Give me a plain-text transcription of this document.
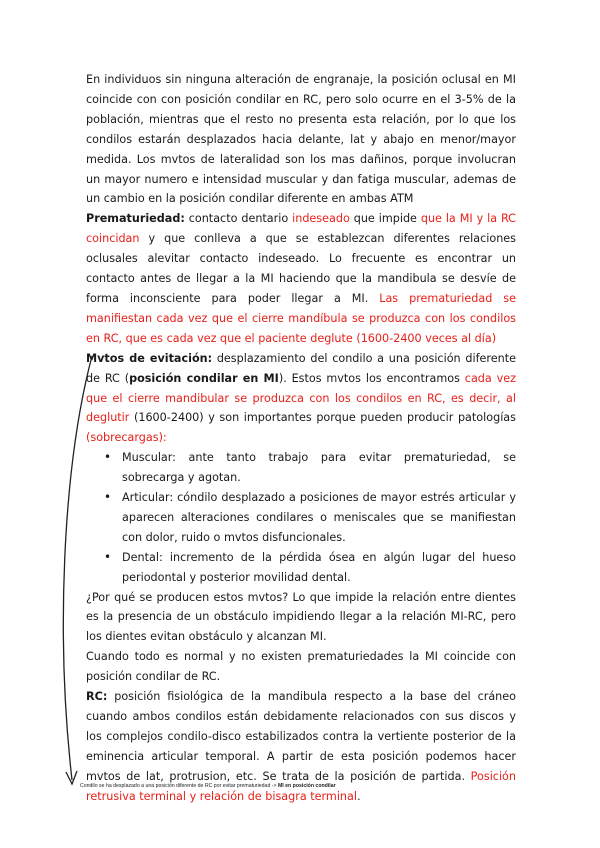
En individuos sin ninguna alteración de engranaje, la posición oclusal en MI coincide con con posición condilar en RC, pero solo ocurre en el 3-5% de la población, mientras que el resto no presenta esta relación, por lo que los condilos estarán desplazados hacia delante, lat y abajo en menor/mayor medida. Los mvtos de lateralidad son los mas dañinos, porque involucran un mayor numero e intensidad muscular y dan fatiga muscular, ademas de un cambio en la posición condilar diferente en ambas ATM

Prematuriedad: contacto dentario indeseado que impide que la MI y la RC coincidan y que conlleva a que se establezcan diferentes relaciones oclusales alevitar contacto indeseado. Lo frecuente es encontrar un contacto antes de llegar a la MI haciendo que la mandibula se desvíe de forma inconsciente para poder llegar a MI. Las prematuriedad se manifiestan cada vez que el cierre mandíbula se produzca con los condilos en RC, que es cada vez que el paciente deglute (1600-2400 veces al día)

Mvtos de evitación: desplazamiento del condilo a una posición diferente de RC (posición condilar en MI). Estos mvtos los encontramos cada vez que el cierre mandibular se produzca con los condilos en RC, es decir, al deglutir (1600-2400) y son importantes porque pueden producir patologías (sobrecargas):

• Muscular: ante tanto trabajo para evitar prematuriedad, se sobrecarga y agotan.
• Articular: cóndilo desplazado a posiciones de mayor estrés articular y aparecen alteraciones condilares o meniscales que se manifiestan con dolor, ruido o mvtos disfuncionales.
• Dental: incremento de la pérdida ósea en algún lugar del hueso periodontal y posterior movilidad dental.

¿Por qué se producen estos mvtos? Lo que impide la relación entre dientes es la presencia de un obstáculo impidiendo llegar a la relación MI-RC, pero los dientes evitan obstáculo y alcanzan MI.

Cuando todo es normal y no existen prematuriedades la MI coincide con posición condilar de RC.

RC: posición fisiológica de la mandibula respecto a la base del cráneo cuando ambos condilos están debidamente relacionados con sus discos y los complejos condilo-disco estabilizados contra la vertiente posterior de la eminencia articular temporal. A partir de esta posición podemos hacer mvtos de lat, protrusion, etc. Se trata de la posición de partida. Posición retrusiva terminal y relación de bisagra terminal.

Condilo se ha desplazado a una posición diferente de RC por evitar prematuriedad -> MI en posición condilar
